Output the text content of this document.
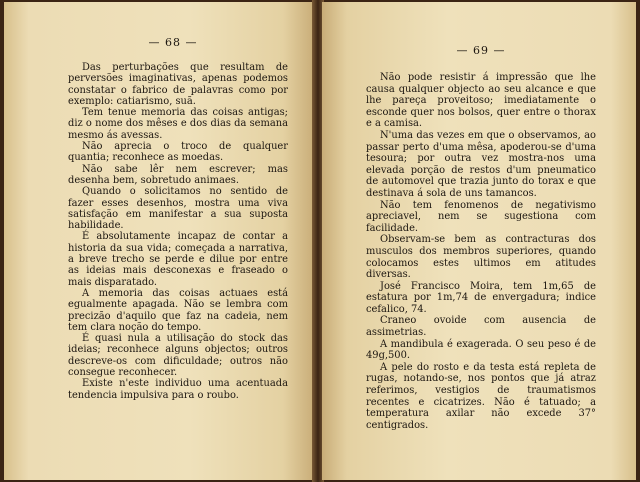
— 68 —

Das perturbações que resultam de perversões imaginativas, apenas podemos constatar o fabrico de palavras como por exemplo: catiarismo, suã.

Tem tenue memoria das coisas antigas; diz o nome dos mêses e dos dias da semana mesmo ás avessas.

Não aprecia o troco de qualquer quantia; reconhece as moedas.

Não sabe lêr nem escrever; mas desenha bem, sobretudo animaes.

Quando o solicitamos no sentido de fazer esses desenhos, mostra uma viva satisfação em manifestar a sua suposta habilidade.

É absolutamente incapaz de contar a historia da sua vida; começada a narrativa, a breve trecho se perde e dilue por entre as ideias mais desconexas e fraseado o mais disparatado.

A memoria das coisas actuaes está egualmente apagada. Não se lembra com precizão d'aquilo que faz na cadeia, nem tem clara noção do tempo.

É quasi nula a utilisação do stock das ideias; reconhece alguns objectos; outros descreve-os com dificuldade; outros não consegue reconhecer.

Existe n'este individuo uma acentuada tendencia impulsiva para o roubo.

— 69 —

Não pode resistir á impressão que lhe causa qualquer objecto ao seu alcance e que lhe pareça proveitoso; imediatamente o esconde quer nos bolsos, quer entre o thorax e a camisa.

N'uma das vezes em que o observamos, ao passar perto d'uma mêsa, apoderou-se d'uma tesoura; por outra vez mostra-nos uma elevada porção de restos d'um pneumatico de automovel que trazia junto do torax e que destinava á sola de uns tamancos.

Não tem fenomenos de negativismo apreciavel, nem se sugestiona com facilidade.

Observam-se bem as contracturas dos musculos dos membros superiores, quando colocamos estes ultimos em atitudes diversas.

José Francisco Moira, tem 1m,65 de estatura por 1m,74 de envergadura; indice cefalico, 74.

Craneo ovoide com ausencia de assimetrias.

A mandibula é exagerada. O seu peso é de 49g,500.

A pele do rosto e da testa está repleta de rugas, notando-se, nos pontos que já atraz referimos, vestigios de traumatismos recentes e cicatrizes. Não é tatuado; a temperatura axilar não excede 37° centigrados.
